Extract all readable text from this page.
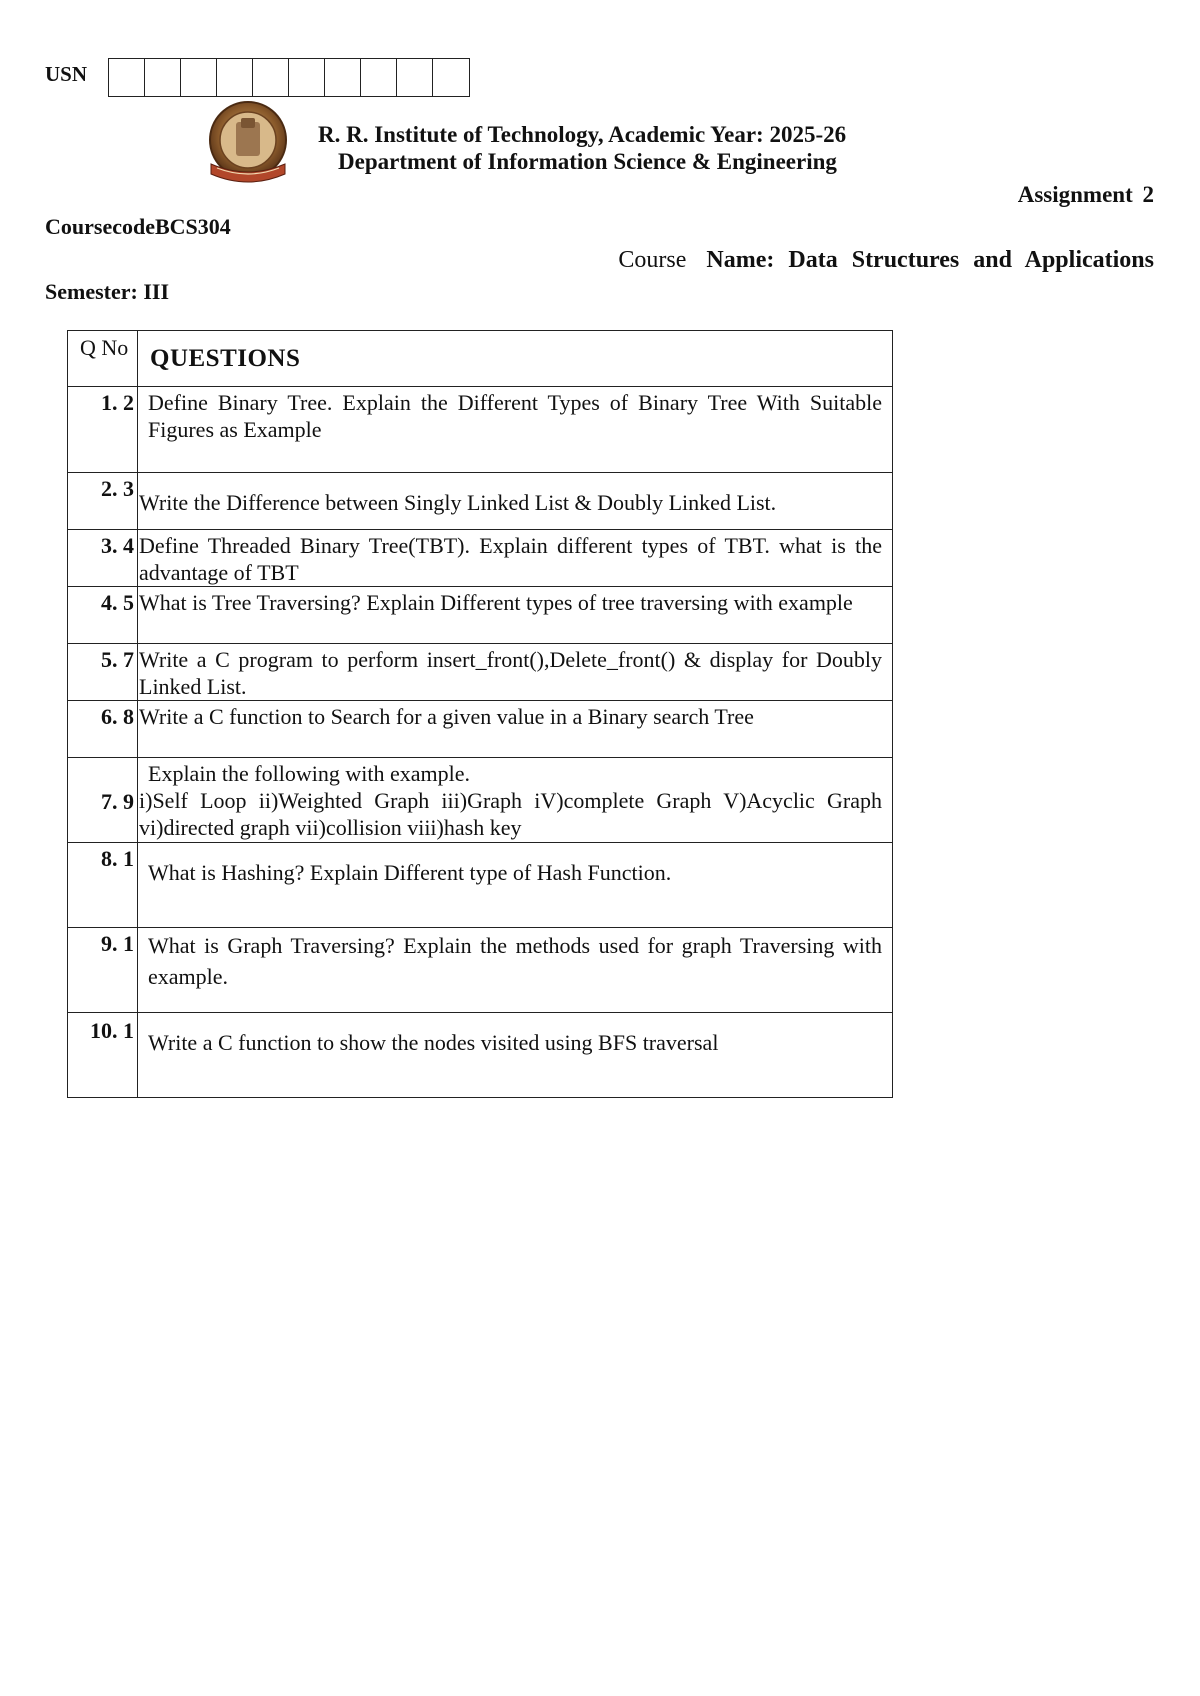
USN
R. R. Institute of Technology, Academic Year: 2025-26
Department of Information Science & Engineering
Assignment 2
CoursecodeBCS304
Course Name: Data Structures and Applications
Semester: III
Q No	QUESTIONS
1. 2	Define Binary Tree. Explain the Different Types of Binary Tree With Suitable Figures as Example
2. 3	Write the Difference between Singly Linked List & Doubly Linked List.
3. 4	Define Threaded Binary Tree(TBT). Explain different types of TBT. what is the advantage of TBT
4. 5	What is Tree Traversing? Explain Different types of tree traversing with example
5. 7	Write a C program to perform insert_front(),Delete_front() & display for Doubly Linked List.
6. 8	Write a C function to Search for a given value in a Binary search Tree
7. 9	Explain the following with example.
i)Self Loop ii)Weighted Graph iii)Graph iV)complete Graph V)Acyclic Graph vi)directed graph vii)collision viii)hash key

8. 1	What is Hashing? Explain Different type of Hash Function.
9. 1	What is Graph Traversing? Explain the methods used for graph Traversing with example.
10. 1	Write a C function to show the nodes visited using BFS traversal
